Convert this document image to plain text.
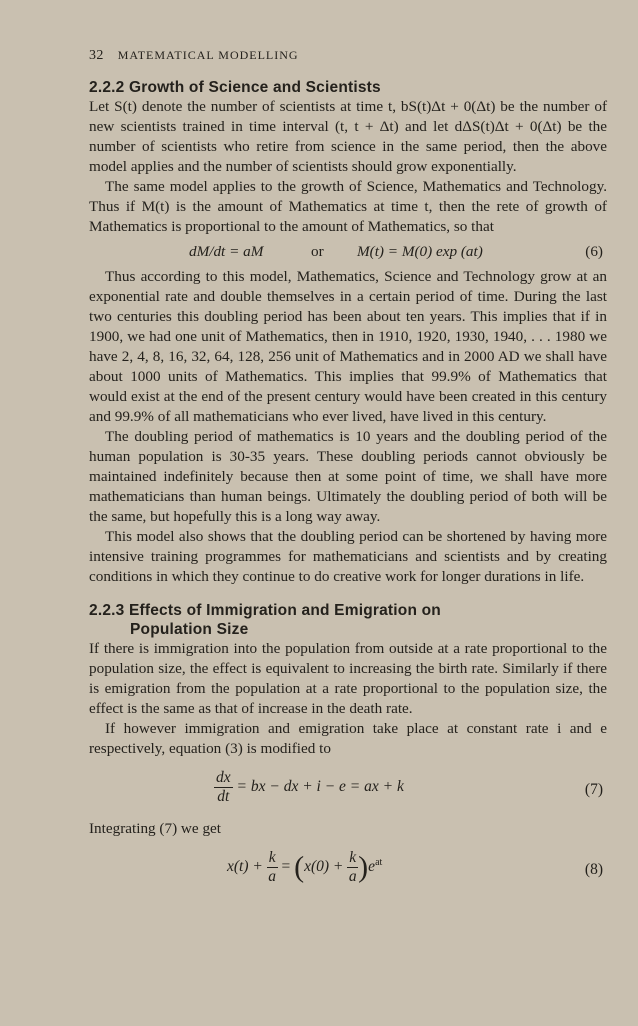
32 MATEMATICAL MODELLING
2.2.2 Growth of Science and Scientists

Let S(t) denote the number of scientists at time t, bS(t)Δt + 0(Δt) be the number of new scientists trained in time interval (t, t + Δt) and let dΔS(t)Δt + 0(Δt) be the number of scientists who retire from science in the same period, then the above model applies and the number of scientists should grow exponentially.

The same model applies to the growth of Science, Mathematics and Technology. Thus if M(t) is the amount of Mathematics at time t, then the rete of growth of Mathematics is proportional to the amount of Mathematics, so that

dM/dt = aM	or M(t) = M(0) exp (at)	(6)

Thus according to this model, Mathematics, Science and Technology grow at an exponential rate and double themselves in a certain period of time. During the last two centuries this doubling period has been about ten years. This implies that if in 1900, we had one unit of Mathematics, then in 1910, 1920, 1930, 1940, . . . 1980 we have 2, 4, 8, 16, 32, 64, 128, 256 unit of Mathematics and in 2000 AD we shall have about 1000 units of Mathematics. This implies that 99.9% of Mathematics that would exist at the end of the present century would have been created in this century and 99.9% of all mathematicians who ever lived, have lived in this century.

The doubling period of mathematics is 10 years and the doubling period of the human population is 30-35 years. These doubling periods cannot obviously be maintained indefinitely because then at some point of time, we shall have more mathematicians than human beings. Ultimately the doubling period of both will be the same, but hopefully this is a long way away.

This model also shows that the doubling period can be shortened by having more intensive training programmes for mathematicians and scientists and by creating conditions in which they continue to do creative work for longer durations in life.

2.2.3 Effects of Immigration and Emigration on
Population Size

If there is immigration into the population from outside at a rate proportional to the population size, the effect is equivalent to increasing the birth rate. Similarly if there is emigration from the population at a rate proportional to the population size, the effect is the same as that of increase in the death rate.

If however immigration and emigration take place at constant rate i and e respectively, equation (3) is modified to

$\frac{dx}{dt}$ = bx − dx + i − e = ax + k	(7)

Integrating (7) we get

$x(t) + \frac{k}{a} = (x(0) + \frac{k}{a} )e^{at}$	(8)
